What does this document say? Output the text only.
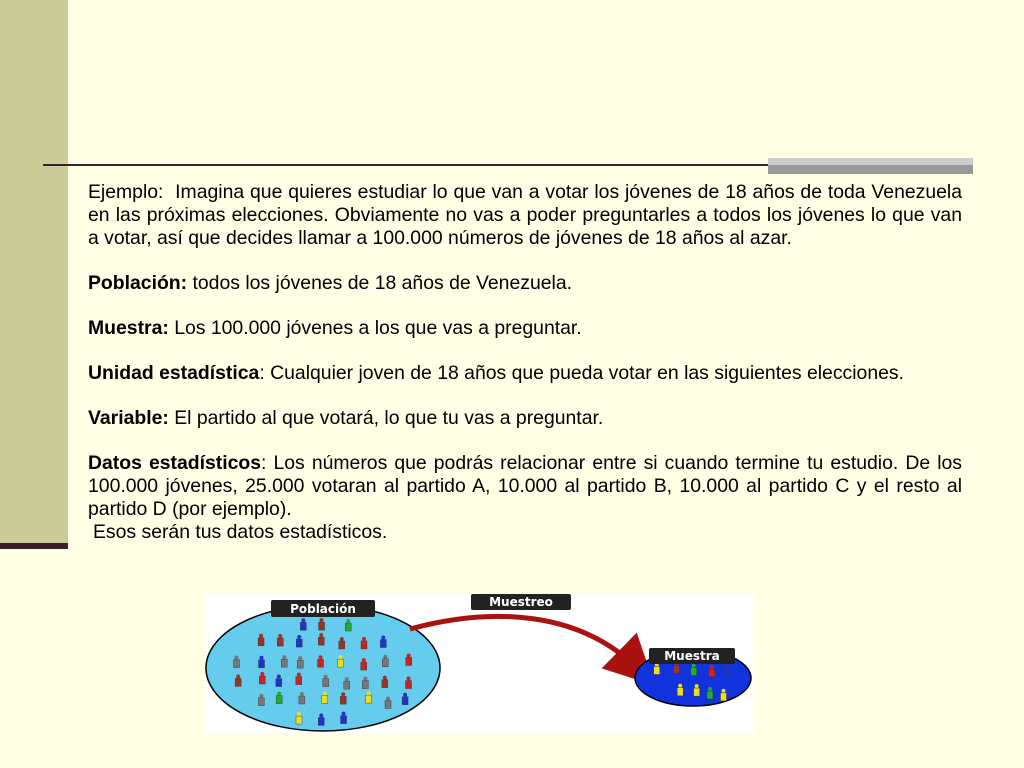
Ejemplo: Imagina que quieres estudiar lo que van a votar los jóvenes de 18 años de toda Venezuela en las próximas elecciones. Obviamente no vas a poder preguntarles a todos los jóvenes lo que van a votar, así que decides llamar a 100.000 números de jóvenes de 18 años al azar.

Población: todos los jóvenes de 18 años de Venezuela.

Muestra: Los 100.000 jóvenes a los que vas a preguntar.

Unidad estadística: Cualquier joven de 18 años que pueda votar en las siguientes elecciones.

Variable: El partido al que votará, lo que tu vas a preguntar.

Datos estadísticos: Los números que podrás relacionar entre si cuando termine tu estudio. De los 100.000 jóvenes, 25.000 votaran al partido A, 10.000 al partido B, 10.000 al partido C y el resto al partido D (por ejemplo).

Esos serán tus datos estadísticos.

Población	Muestreo
Muestra
